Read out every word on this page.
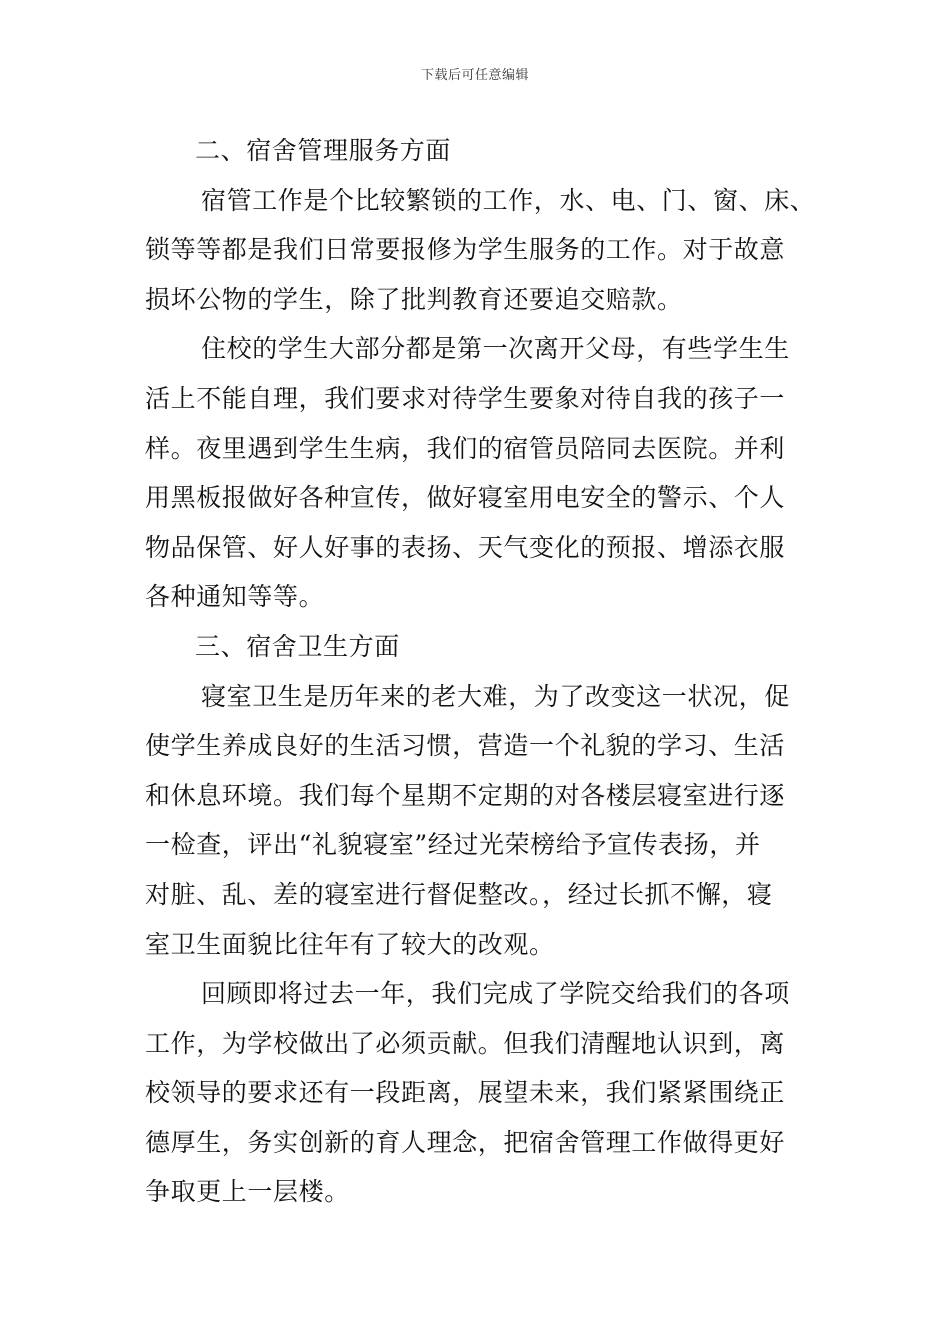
下载后可任意编辑
二、宿舍管理服务方面
宿管工作是个比较繁锁的工作，水、电、门、窗、床、
锁等等都是我们日常要报修为学生服务的工作。对于故意
损坏公物的学生，除了批判教育还要追交赔款。
住校的学生大部分都是第一次离开父母，有些学生生
活上不能自理，我们要求对待学生要象对待自我的孩子一
样。夜里遇到学生生病，我们的宿管员陪同去医院。并利
用黑板报做好各种宣传，做好寝室用电安全的警示、个人
物品保管、好人好事的表扬、天气变化的预报、增添衣服
各种通知等等。
三、宿舍卫生方面
寝室卫生是历年来的老大难，为了改变这一状况，促
使学生养成良好的生活习惯，营造一个礼貌的学习、生活
和休息环境。我们每个星期不定期的对各楼层寝室进行逐
一检查，评出“礼貌寝室”经过光荣榜给予宣传表扬，并
对脏、乱、差的寝室进行督促整改。，经过长抓不懈，寝
室卫生面貌比往年有了较大的改观。
回顾即将过去一年，我们完成了学院交给我们的各项
工作，为学校做出了必须贡献。但我们清醒地认识到，离
校领导的要求还有一段距离，展望未来，我们紧紧围绕正
德厚生，务实创新的育人理念，把宿舍管理工作做得更好
争取更上一层楼。
